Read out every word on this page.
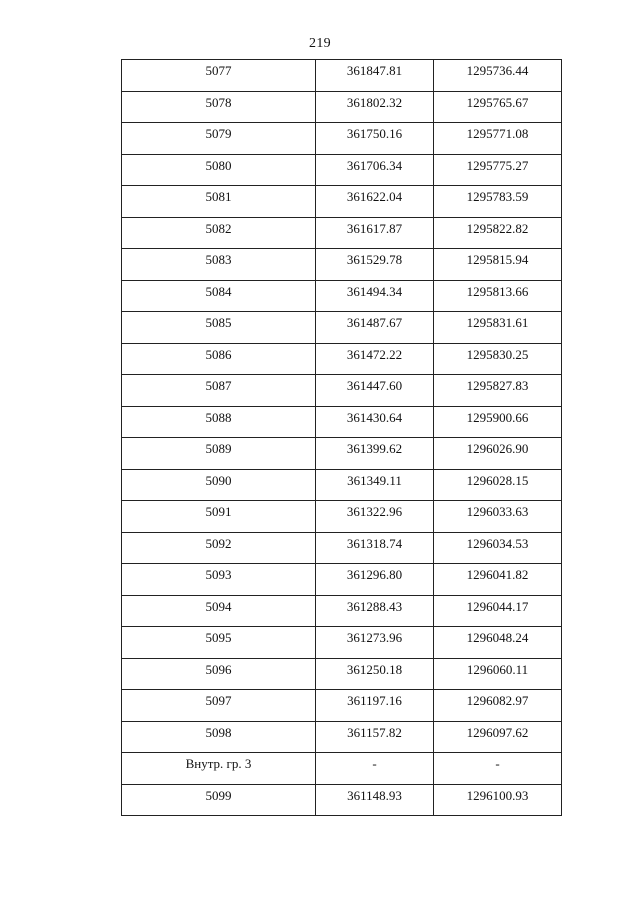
219
5077	361847.81	1295736.44
5078	361802.32	1295765.67
5079	361750.16	1295771.08
5080	361706.34	1295775.27
5081	361622.04	1295783.59
5082	361617.87	1295822.82
5083	361529.78	1295815.94
5084	361494.34	1295813.66
5085	361487.67	1295831.61
5086	361472.22	1295830.25
5087	361447.60	1295827.83
5088	361430.64	1295900.66
5089	361399.62	1296026.90
5090	361349.11	1296028.15
5091	361322.96	1296033.63
5092	361318.74	1296034.53
5093	361296.80	1296041.82
5094	361288.43	1296044.17
5095	361273.96	1296048.24
5096	361250.18	1296060.11
5097	361197.16	1296082.97
5098	361157.82	1296097.62
Внутр. гр. 3	-	-
5099	361148.93	1296100.93
